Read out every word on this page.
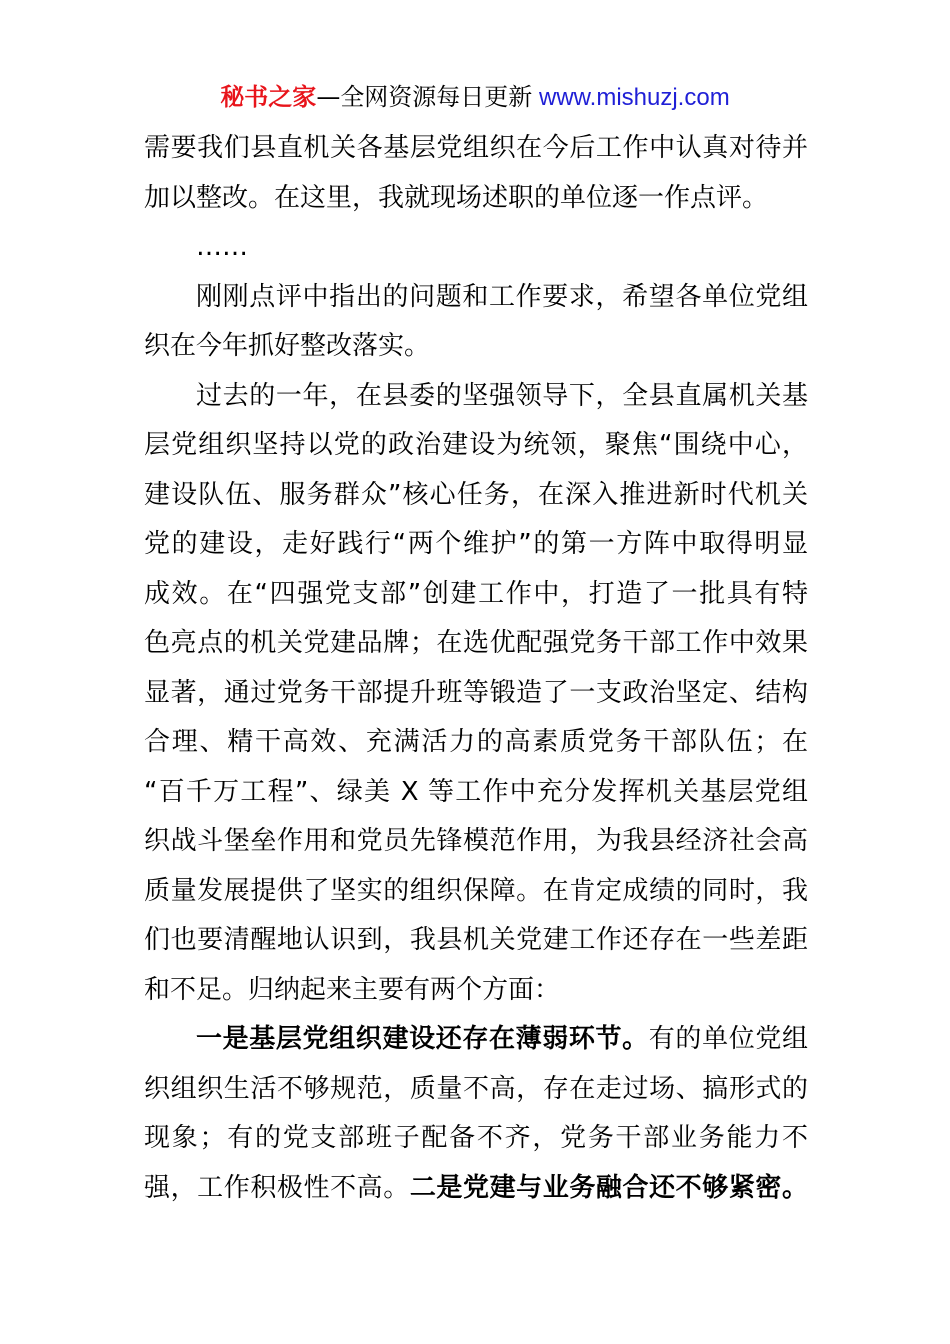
秘书之家—全网资源每日更新 www.mishuzj.com
需要我们县直机关各基层党组织在今后工作中认真对待并
加以整改。在这里，我就现场述职的单位逐一作点评。
……
刚刚点评中指出的问题和工作要求，希望各单位党组
织在今年抓好整改落实。
过去的一年，在县委的坚强领导下，全县直属机关基
层党组织坚持以党的政治建设为统领，聚焦“围绕中心，
建设队伍、服务群众”核心任务，在深入推进新时代机关
党的建设，走好践行“两个维护”的第一方阵中取得明显
成效。在“四强党支部”创建工作中，打造了一批具有特
色亮点的机关党建品牌；在选优配强党务干部工作中效果
显著，通过党务干部提升班等锻造了一支政治坚定、结构
合理、精干高效、充满活力的高素质党务干部队伍；在
“百千万工程”、绿美 X 等工作中充分发挥机关基层党组
织战斗堡垒作用和党员先锋模范作用，为我县经济社会高
质量发展提供了坚实的组织保障。在肯定成绩的同时，我
们也要清醒地认识到，我县机关党建工作还存在一些差距
和不足。归纳起来主要有两个方面：
一是基层党组织建设还存在薄弱环节。有的单位党组
织组织生活不够规范，质量不高，存在走过场、搞形式的
现象；有的党支部班子配备不齐，党务干部业务能力不
强，工作积极性不高。二是党建与业务融合还不够紧密。
